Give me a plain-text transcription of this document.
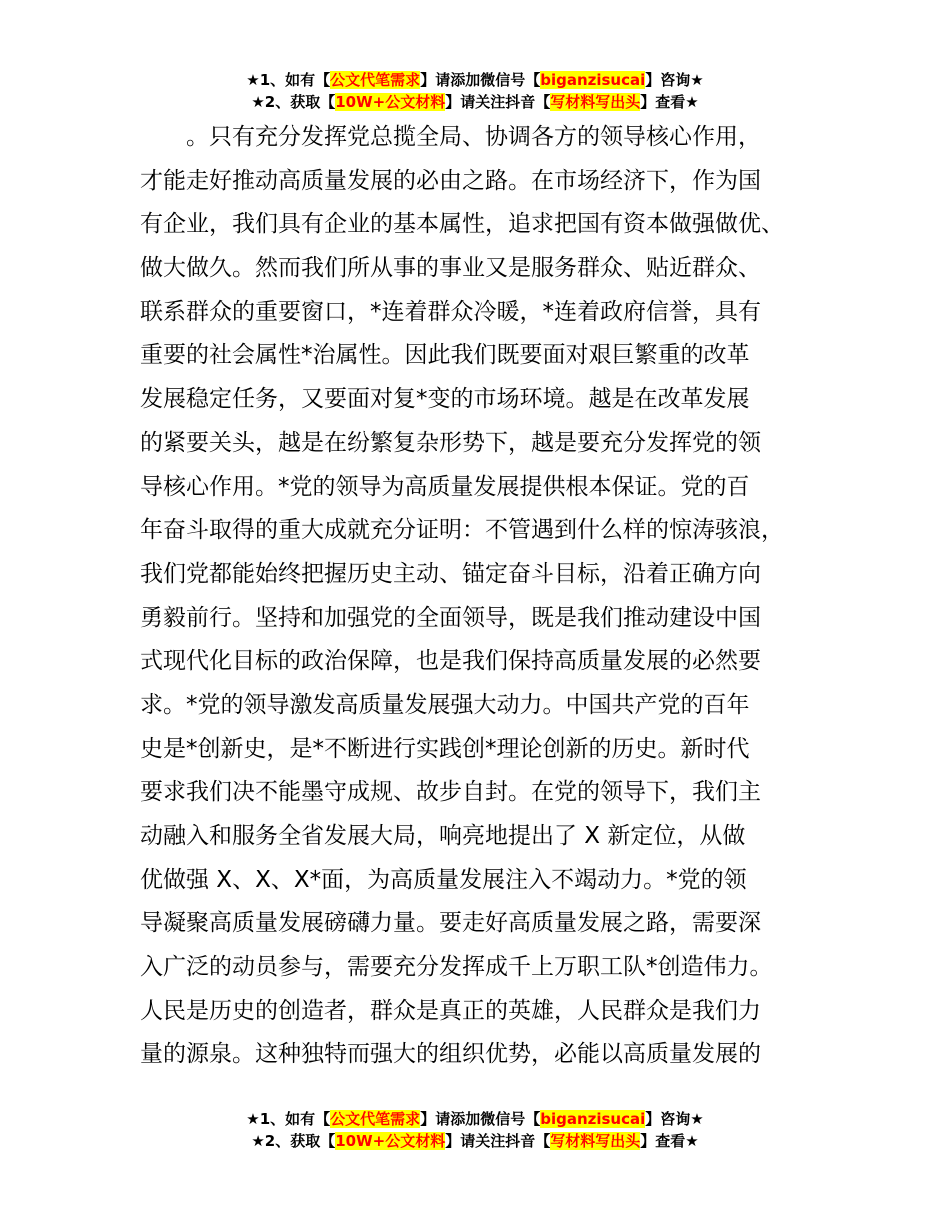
★1、如有【公文代笔需求】请添加微信号【biganzisucai】咨询★
★2、获取【10W+公文材料】请关注抖音【写材料写出头】查看★
。只有充分发挥党总揽全局、协调各方的领导核心作用，
才能走好推动高质量发展的必由之路。在市场经济下，作为国
有企业，我们具有企业的基本属性，追求把国有资本做强做优、
做大做久。然而我们所从事的事业又是服务群众、贴近群众、
联系群众的重要窗口，*连着群众冷暖，*连着政府信誉，具有
重要的社会属性*治属性。因此我们既要面对艰巨繁重的改革
发展稳定任务，又要面对复*变的市场环境。越是在改革发展
的紧要关头，越是在纷繁复杂形势下，越是要充分发挥党的领
导核心作用。*党的领导为高质量发展提供根本保证。党的百
年奋斗取得的重大成就充分证明：不管遇到什么样的惊涛骇浪，
我们党都能始终把握历史主动、锚定奋斗目标，沿着正确方向
勇毅前行。坚持和加强党的全面领导，既是我们推动建设中国
式现代化目标的政治保障，也是我们保持高质量发展的必然要
求。*党的领导激发高质量发展强大动力。中国共产党的百年
史是*创新史，是*不断进行实践创*理论创新的历史。新时代
要求我们决不能墨守成规、故步自封。在党的领导下，我们主
动融入和服务全省发展大局，响亮地提出了 X 新定位，从做
优做强 X、X、X*面，为高质量发展注入不竭动力。*党的领
导凝聚高质量发展磅礴力量。要走好高质量发展之路，需要深
入广泛的动员参与，需要充分发挥成千上万职工队*创造伟力。
人民是历史的创造者，群众是真正的英雄，人民群众是我们力
量的源泉。这种独特而强大的组织优势，必能以高质量发展的
★1、如有【公文代笔需求】请添加微信号【biganzisucai】咨询★
★2、获取【10W+公文材料】请关注抖音【写材料写出头】查看★
